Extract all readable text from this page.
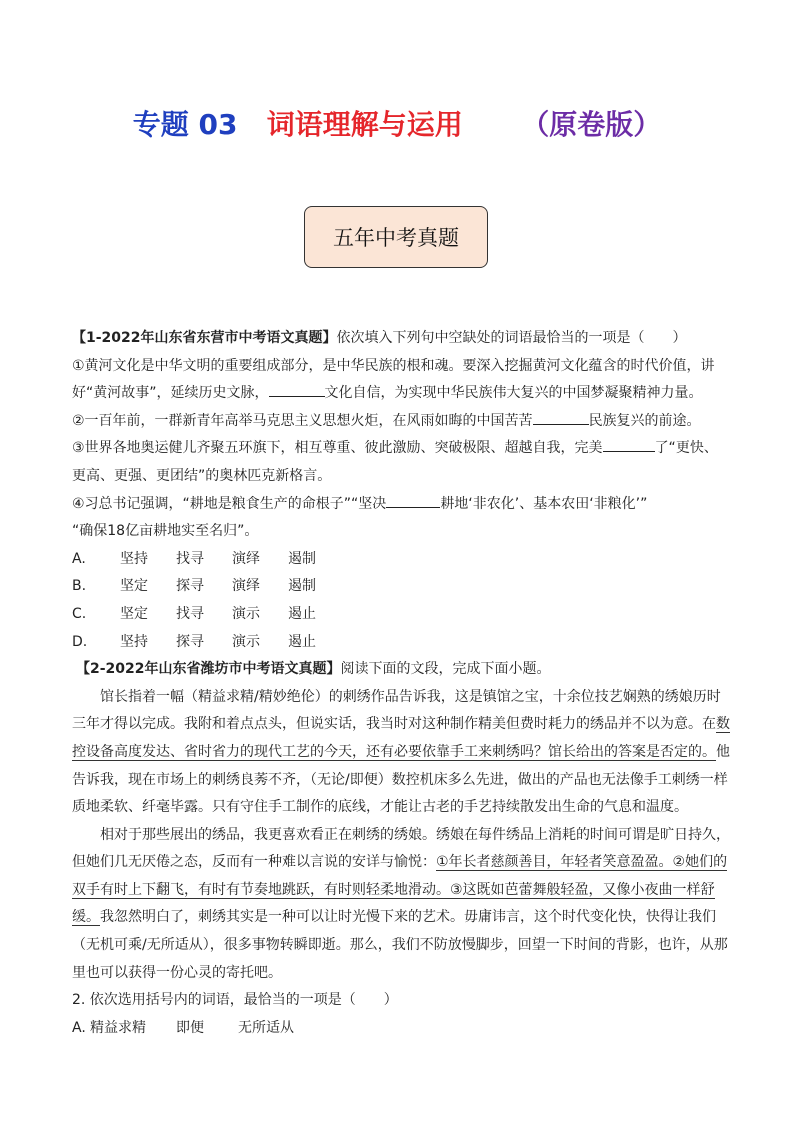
专题 03 词语理解与运用 （原卷版）
五年中考真题

【1-2022年山东省东营市中考语文真题】依次填入下列句中空缺处的词语最恰当的一项是（　　）

①黄河文化是中华文明的重要组成部分，是中华民族的根和魂。要深入挖掘黄河文化蕴含的时代价值，讲
好“黄河故事”，延续历史文脉，	文化自信，为实现中华民族伟大复兴的中国梦凝聚精神力量。

②一百年前，一群新青年高举马克思主义思想火炬，在风雨如晦的中国苦苦	民族复兴的前途。

③世界各地奥运健儿齐聚五环旗下，相互尊重、彼此激励、突破极限、超越自我，完美	了“更快、
更高、更强、更团结”的奥林匹克新格言。

④习总书记强调，“耕地是粮食生产的命根子”“坚决	耕地‘非农化’、基本农田‘非粮化’”
“确保18亿亩耕地实至名归”。

A. 坚持 找寻 演绎 遏制

B. 坚定 探寻 演绎 遏制

C. 坚定 找寻 演示 遏止

D. 坚持 探寻 演示 遏止

【2-2022年山东省潍坊市中考语文真题】阅读下面的文段，完成下面小题。

馆长指着一幅（精益求精/精妙绝伦）的刺绣作品告诉我，这是镇馆之宝，十余位技艺娴熟的绣娘历时三年才得以完成。我附和着点点头，但说实话，我当时对这种制作精美但费时耗力的绣品并不以为意。在数控设备高度发达、省时省力的现代工艺的今天，还有必要依靠手工来刺绣吗？馆长给出的答案是否定的。他告诉我，现在市场上的刺绣良莠不齐，（无论/即便）数控机床多么先进，做出的产品也无法像手工刺绣一样质地柔软、纤毫毕露。只有守住手工制作的底线，才能让古老的手艺持续散发出生命的气息和温度。

相对于那些展出的绣品，我更喜欢看正在刺绣的绣娘。绣娘在每件绣品上消耗的时间可谓是旷日持久，但她们几无厌倦之态，反而有一种难以言说的安详与愉悦：①年长者慈颜善目，年轻者笑意盈盈。②她们的双手有时上下翻飞，有时有节奏地跳跃，有时则轻柔地滑动。③这既如芭蕾舞般轻盈，又像小夜曲一样舒缓。我忽然明白了，刺绣其实是一种可以让时光慢下来的艺术。毋庸讳言，这个时代变化快，快得让我们（无机可乘/无所适从），很多事物转瞬即逝。那么，我们不防放慢脚步，回望一下时间的背影，也许，从那里也可以获得一份心灵的寄托吧。

2. 依次选用括号内的词语，最恰当的一项是（　　）

A. 精益求精 即便 无所适从
